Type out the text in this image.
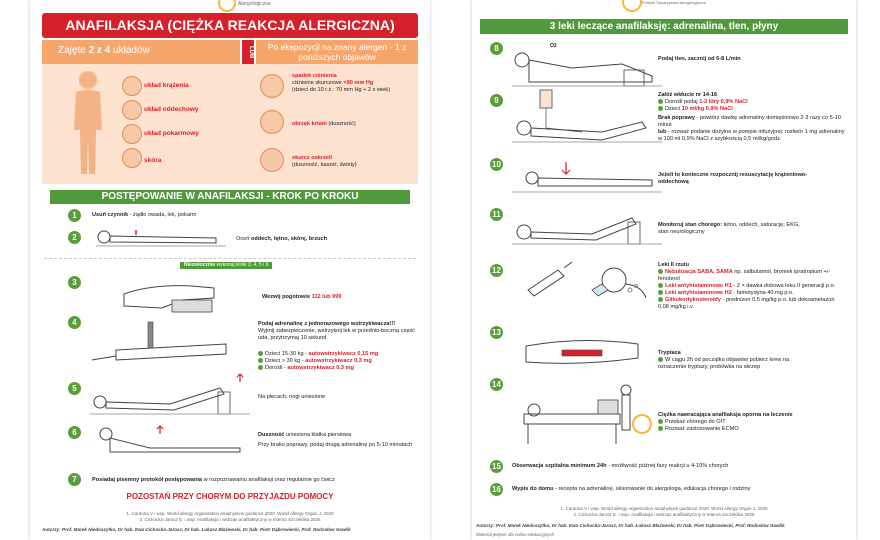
Alergologiczne
ANAFILAKSJA (CIĘŻKA REAKCJA ALERGICZNA)
Zajęte 2 z 4 układów	LUB	Po ekspozycji na znany alergen - 1 z poniższych objawów
układ krążenia
układ oddechowy
układ pokarmowy
skóra
spadek ciśnienia
ciśnienie skurczowe <90 mm Hg
(dzieci do 10 r.ż.: 70 mm Hg + 2 x wiek)
obrzęk krtani (duszność)
skurcz oskrzeli
(duszność, kaszel, świsty)
POSTĘPOWANIE W ANAFILAKSJI - KROK PO KROKU
1	Usuń czynnik - żądło owada, lek, pokarm
2	Oceń oddech, tętno, skórę, brzuch
Niezwłocznie wykonaj kroki 3, 4, 5 i 6
3
Wezwij pogotowie 112 lub 999
4	Podaj adrenalinę z jednorazowego wstrzykiwacza!!!
Wyjmij zabezpieczenie, wstrzyknij lek w przednio-boczną część uda, przytrzymaj 10 sekund
Dzieci 15-30 kg - autowstrzykiwacz 0,15 mg
Dzieci > 30 kg - autowstrzykiwacz 0,3 mg
Dorośli - autowstrzykiwacz 0,3 mg
5
Na plecach, nogi uniesione
6	Duszność uniesiona klatka piersiowa
Przy braku poprawy, podaj drugą adrenalinę po 5-10 minutach
7	Posiadaj pisemny protokół postępowania w rozpoznawaniu anafilaksji oraz regularnie go ćwicz
POZOSTAŃ PRZY CHORYM DO PRZYJAZDU POMOCY
1. Cardona V i wsp. World allergy organization anaphylaxis guidance 2020. World Allergy Organ J. 2020
2. Cichocka-Jarosz E. i wsp. Anafilaksja i wstrząs anafilaktyczny w Interna Szczeklika 2025
Autorzy: Prof. Marek Niedoszytko, Dr hab. Ewa Cichocka-Jarosz, Dr hab. Łukasz Błażewski, Dr hab. Piotr Dąbrowiecki, Prof. Radosław Gawlik
Polskie Towarzystwo Alergologiczne
3 leki leczące anafilaksję: adrenalina, tlen, płyny
8	O2
Podaj tlen, zacznij od 6-8 L/min
9
Załóż wkłucie nr 14-16
Dorośli podaj 1-2 litry 0,9% NaCl
Dzieci 10 ml/kg 0,9% NaCl
Brak poprawy - powtórz dawkę adrenaliny domięśniowo 2-3 razy co 5-10 minut
lub - rozważ podanie dożylne w pompie infuzyjnej: roztwór 1 mg adrenaliny w 100 ml 0,9% NaCl z szybkością 0,5 ml/kg/godz.
10
Jeżeli to konieczne rozpocznij resuscytację krążeniowo-oddechową
11
Monitoruj stan chorego: tętno, oddech, saturację, EKG, stan neurologiczny
12
Leki II rzutu
Nebulizacja SABA, SAMA np. salbutamol, bromek ipratropium +/- fenoterol
Leki antyhistaminowe H1 - 2 × dawka dobowa leku II generacji p.o.
Leki antyhistaminowe H2 - famotydyna 40 mg p.o.
Glikokortykosteroidy - prednizon 0,5 mg/kg p.o. lub deksametazon 0,08 mg/kg i.v.
13
Tryptaza
W ciągu 2h od początku objawów pobierz krew na oznaczenie tryptazy, probówka na skrzep
14
Ciężka nawracająca anafilaksja oporna na leczenie
Przekaż chorego do OIT
Rozważ zastosowanie ECMO
15	Obserwacja szpitalna minimum 24h - możliwość późnej fazy reakcji u 4-10% chorych
16	Wypis do domu - recepta na adrenalinę, skierowanie do alergologa, edukacja chorego i rodziny
1. Cardona V i wsp. World allergy organization anaphylaxis guidance 2020. World Allergy Organ J. 2020
2. Cichocka-Jarosz E. i wsp. Anafilaksja i wstrząs anafilaktyczny w Interna Szczeklika 2025
Autorzy: Prof. Marek Niedoszytko, Dr hab. Ewa Cichocka-Jarosz, Dr hab. Łukasz Błażewski, Dr hab. Piotr Dąbrowiecki, Prof. Radosław Gawlik
Materiał jedynie dla celów edukacyjnych
